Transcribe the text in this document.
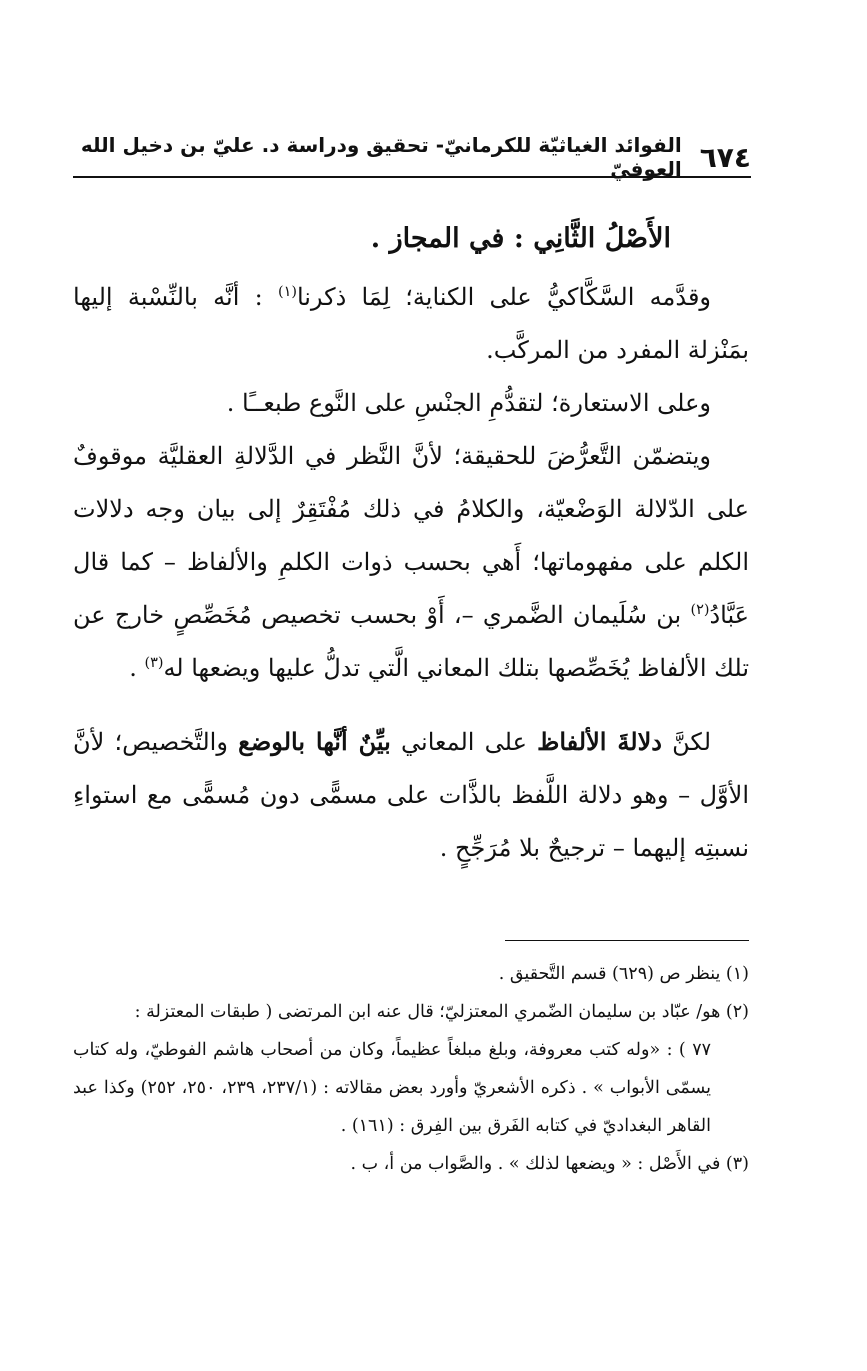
٦٧٤
الفوائد الغياثيّة للكرمانيّ- تحقيق ودراسة د. عليّ بن دخيل الله العوفيّ

الأَصْلُ الثَّانِي : في المجاز .

وقدَّمه السَّكَّاكيُّ على الكناية؛ لِمَا ذكرنا$^{(١)}$ : أنَّه بالنِّسْبة إليها بمَنْزلة المفرد من المركَّب.

وعلى الاستعارة؛ لتقدُّمِ الجنْسِ على النَّوع طبعــًا .

ويتضمّن التَّعرُّضَ للحقيقة؛ لأنَّ النَّظر في الدَّلالةِ العقليَّة موقوفٌ على الدّلالة الوَضْعيّة، والكلامُ في ذلك مُفْتَقِرٌ إلى بيان وجه دلالات الكلم على مفهوماتها؛ أَهي بحسب ذوات الكلمِ والألفاظ – كما قال عَبَّادُ$^{(٢)}$ بن سُلَيمان الضَّمري –، أَوْ بحسب تخصيص مُخَصِّصٍ خارج عن تلك الألفاظ يُخَصِّصها بتلك المعاني الَّتي تدلُّ عليها ويضعها له$^{(٣)}$ .

لكنَّ دلالةَ الألفاظ على المعاني بيِّنٌ أنَّها بالوضع والتَّخصيص؛ لأنَّ الأوَّل – وهو دلالة اللَّفظ بالذَّات على مسمًّى دون مُسمًّى مع استواءِ نسبتِه إليهما – ترجيحٌ بلا مُرَجِّحٍ .

(١) ينظر ص (٦٢٩) قسم التَّحقيق .

(٢) هو/ عبّاد بن سليمان الضّمري المعتزليّ؛ قال عنه ابن المرتضى ( طبقات المعتزلة :

٧٧ ) : «وله كتب معروفة، وبلغ مبلغاً عظيماً، وكان من أصحاب هاشم الفوطيّ، وله كتاب يسمّى الأبواب » . ذكره الأشعريّ وأورد بعض مقالاته : (٢٣٧/١، ٢٣٩، ٢٥٠، ٢٥٢) وكذا عبد القاهر البغداديّ في كتابه الفَرق بين الفِرق : (١٦١) .

(٣) في الأَصْل : « ويضعها لذلك » . والصَّواب من أ، ب .
